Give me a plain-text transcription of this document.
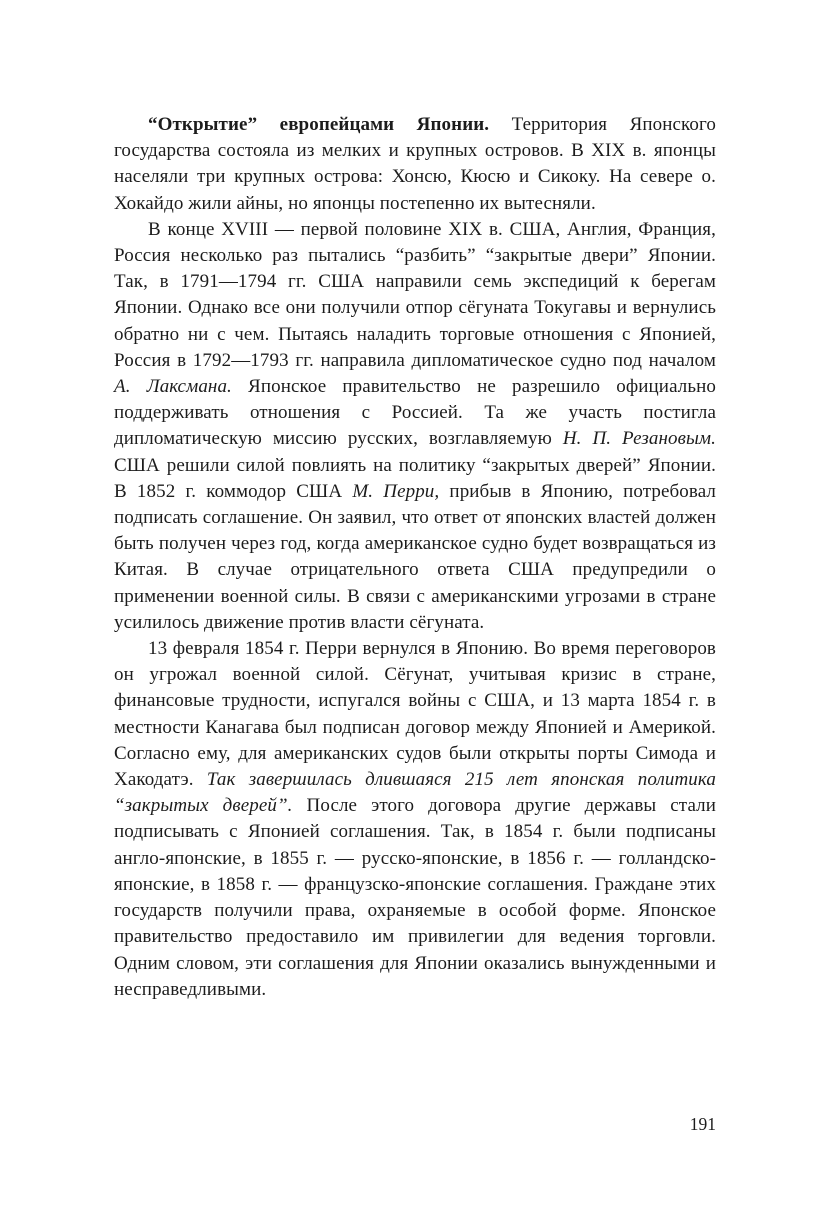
“Открытие” европейцами Японии. Территория Японского государства состояла из мелких и крупных островов. В XIX в. японцы населяли три крупных острова: Хонсю, Кюсю и Сикоку. На севере о. Хокайдо жили айны, но японцы постепенно их вытесняли.

В конце XVIII — первой половине XIX в. США, Англия, Франция, Россия несколько раз пытались “разбить” “закрытые двери” Японии. Так, в 1791—1794 гг. США направили семь экспедиций к берегам Японии. Однако все они получили отпор сёгуната Токугавы и вернулись обратно ни с чем. Пытаясь наладить торговые отношения с Японией, Россия в 1792—1793 гг. направила дипломатическое судно под началом А. Лаксмана. Японское правительство не разрешило официально поддерживать отношения с Россией. Та же участь постигла дипломатическую миссию русских, возглавляемую Н. П. Резановым. США решили силой повлиять на политику “закрытых дверей” Японии. В 1852 г. коммодор США М. Перри, прибыв в Японию, потребовал подписать соглашение. Он заявил, что ответ от японских властей должен быть получен через год, когда американское судно будет возвращаться из Китая. В случае отрицательного ответа США предупредили о применении военной силы. В связи с американскими угрозами в стране усилилось движение против власти сёгуната.

13 февраля 1854 г. Перри вернулся в Японию. Во время переговоров он угрожал военной силой. Сёгунат, учитывая кризис в стране, финансовые трудности, испугался войны с США, и 13 марта 1854 г. в местности Канагава был подписан договор между Японией и Америкой. Согласно ему, для американских судов были открыты порты Симода и Хакодатэ. Так завершилась длившаяся 215 лет японская политика “закрытых дверей”. После этого договора другие державы стали подписывать с Японией соглашения. Так, в 1854 г. были подписаны англо-японские, в 1855 г. — русско-японские, в 1856 г. — голландско-японские, в 1858 г. — французско-японские соглашения. Граждане этих государств получили права, охраняемые в особой форме. Японское правительство предоставило им привилегии для ведения торговли. Одним словом, эти соглашения для Японии оказались вынужденными и несправедливыми.

191
